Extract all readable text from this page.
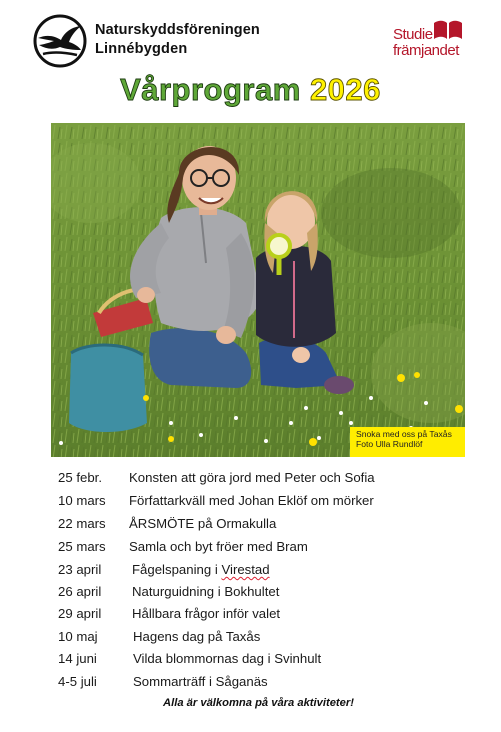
Naturskyddsföreningen
Linnébygden
Studie
främjandet
Vårprogram 2026
Snoka med oss på Taxås
Foto Ulla Rundlöf
25 febr. Konsten att göra jord med Peter och Sofia
10 mars Författarkväll med Johan Eklöf om mörker
22 mars ÅRSMÖTE på Ormakulla
25 mars Samla och byt fröer med Bram
23 april Fågelspaning i Virestad
26 april Naturguidning i Bokhultet
29 april Hållbara frågor inför valet
10 maj	Hagens dag på Taxås
14 juni	Vilda blommornas dag i Svinhult
4-5 juli	Sommarträff i Såganäs
Alla är välkomna på våra aktiviteter!
